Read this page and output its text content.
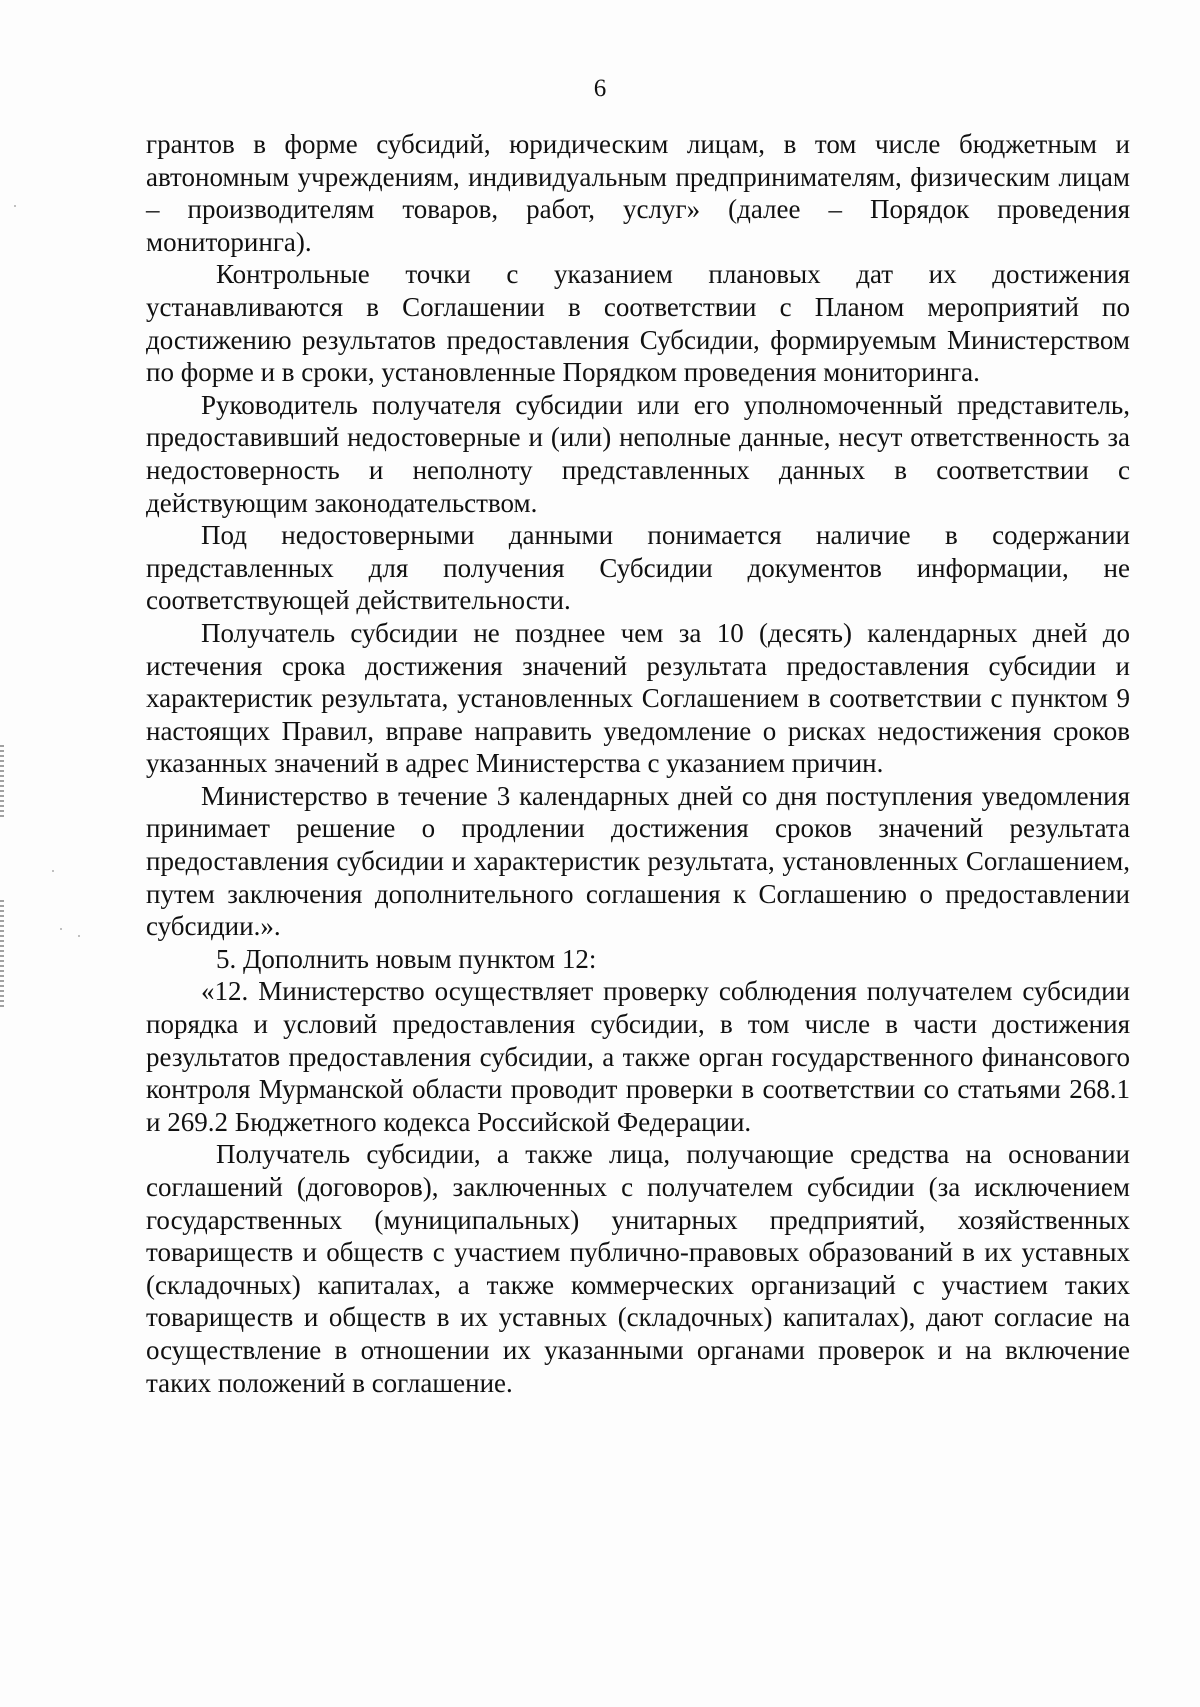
6

грантов в форме субсидий, юридическим лицам, в том числе бюджетным и автономным учреждениям, индивидуальным предпринимателям, физическим лицам – производителям товаров, работ, услуг» (далее – Порядок проведения мониторинга).

Контрольные точки с указанием плановых дат их достижения устанавливаются в Соглашении в соответствии с Планом мероприятий по достижению результатов предоставления Субсидии, формируемым Министерством по форме и в сроки, установленные Порядком проведения мониторинга.

Руководитель получателя субсидии или его уполномоченный представитель, предоставивший недостоверные и (или) неполные данные, несут ответственность за недостоверность и неполноту представленных данных в соответствии с действующим законодательством.

Под недостоверными данными понимается наличие в содержании представленных для получения Субсидии документов информации, не соответствующей действительности.

Получатель субсидии не позднее чем за 10 (десять) календарных дней до истечения срока достижения значений результата предоставления субсидии и характеристик результата, установленных Соглашением в соответствии с пунктом 9 настоящих Правил, вправе направить уведомление о рисках недостижения сроков указанных значений в адрес Министерства с указанием причин.

Министерство в течение 3 календарных дней со дня поступления уведомления принимает решение о продлении достижения сроков значений результата предоставления субсидии и характеристик результата, установленных Соглашением, путем заключения дополнительного соглашения к Соглашению о предоставлении субсидии.».

5. Дополнить новым пунктом 12:

«12. Министерство осуществляет проверку соблюдения получателем субсидии порядка и условий предоставления субсидии, в том числе в части достижения результатов предоставления субсидии, а также орган государственного финансового контроля Мурманской области проводит проверки в соответствии со статьями 268.1 и 269.2 Бюджетного кодекса Российской Федерации.

Получатель субсидии, а также лица, получающие средства на основании соглашений (договоров), заключенных с получателем субсидии (за исключением государственных (муниципальных) унитарных предприятий, хозяйственных товариществ и обществ с участием публично-правовых образований в их уставных (складочных) капиталах, а также коммерческих организаций с участием таких товариществ и обществ в их уставных (складочных) капиталах), дают согласие на осуществление в отношении их указанными органами проверок и на включение таких положений в соглашение.
